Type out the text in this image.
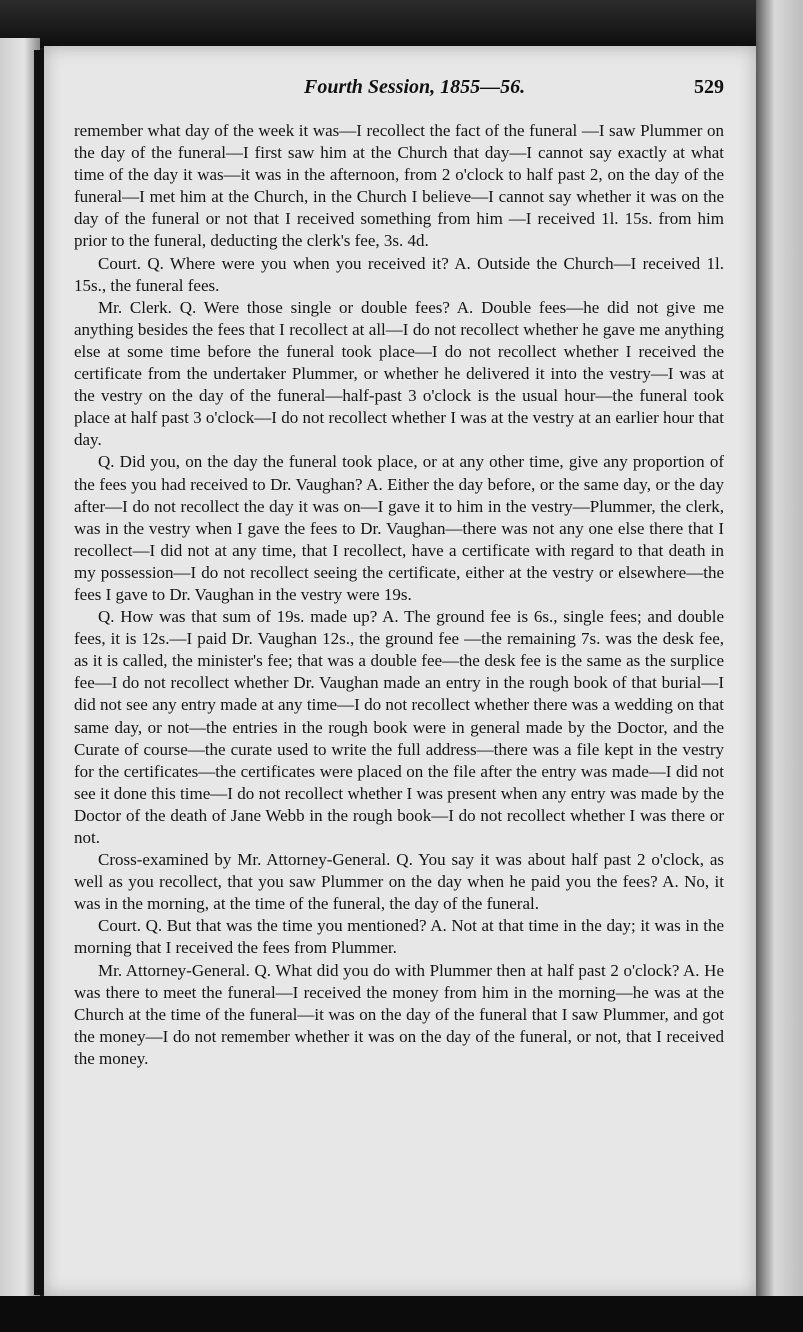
Fourth Session, 1855—56.	529

remember what day of the week it was—I recollect the fact of the funeral —I saw Plummer on the day of the funeral—I first saw him at the Church that day—I cannot say exactly at what time of the day it was—it was in the afternoon, from 2 o'clock to half past 2, on the day of the funeral—I met him at the Church, in the Church I believe—I cannot say whether it was on the day of the funeral or not that I received something from him —I received 1l. 15s. from him prior to the funeral, deducting the clerk's fee, 3s. 4d.

Court. Q. Where were you when you received it? A. Outside the Church—I received 1l. 15s., the funeral fees.

Mr. Clerk. Q. Were those single or double fees? A. Double fees—he did not give me anything besides the fees that I recollect at all—I do not recollect whether he gave me anything else at some time before the funeral took place—I do not recollect whether I received the certificate from the undertaker Plummer, or whether he delivered it into the vestry—I was at the vestry on the day of the funeral—half-past 3 o'clock is the usual hour—the funeral took place at half past 3 o'clock—I do not recollect whether I was at the vestry at an earlier hour that day.

Q. Did you, on the day the funeral took place, or at any other time, give any proportion of the fees you had received to Dr. Vaughan? A. Either the day before, or the same day, or the day after—I do not recollect the day it was on—I gave it to him in the vestry—Plummer, the clerk, was in the vestry when I gave the fees to Dr. Vaughan—there was not any one else there that I recollect—I did not at any time, that I recollect, have a certificate with regard to that death in my possession—I do not recollect seeing the certificate, either at the vestry or elsewhere—the fees I gave to Dr. Vaughan in the vestry were 19s.

Q. How was that sum of 19s. made up? A. The ground fee is 6s., single fees; and double fees, it is 12s.—I paid Dr. Vaughan 12s., the ground fee —the remaining 7s. was the desk fee, as it is called, the minister's fee; that was a double fee—the desk fee is the same as the surplice fee—I do not recollect whether Dr. Vaughan made an entry in the rough book of that burial—I did not see any entry made at any time—I do not recollect whether there was a wedding on that same day, or not—the entries in the rough book were in general made by the Doctor, and the Curate of course—the curate used to write the full address—there was a file kept in the vestry for the certificates—the certificates were placed on the file after the entry was made—I did not see it done this time—I do not recollect whether I was present when any entry was made by the Doctor of the death of Jane Webb in the rough book—I do not recollect whether I was there or not.

Cross-examined by Mr. Attorney-General. Q. You say it was about half past 2 o'clock, as well as you recollect, that you saw Plummer on the day when he paid you the fees? A. No, it was in the morning, at the time of the funeral, the day of the funeral.

Court. Q. But that was the time you mentioned? A. Not at that time in the day; it was in the morning that I received the fees from Plummer.

Mr. Attorney-General. Q. What did you do with Plummer then at half past 2 o'clock? A. He was there to meet the funeral—I received the money from him in the morning—he was at the Church at the time of the funeral—it was on the day of the funeral that I saw Plummer, and got the money—I do not remember whether it was on the day of the funeral, or not, that I received the money.
